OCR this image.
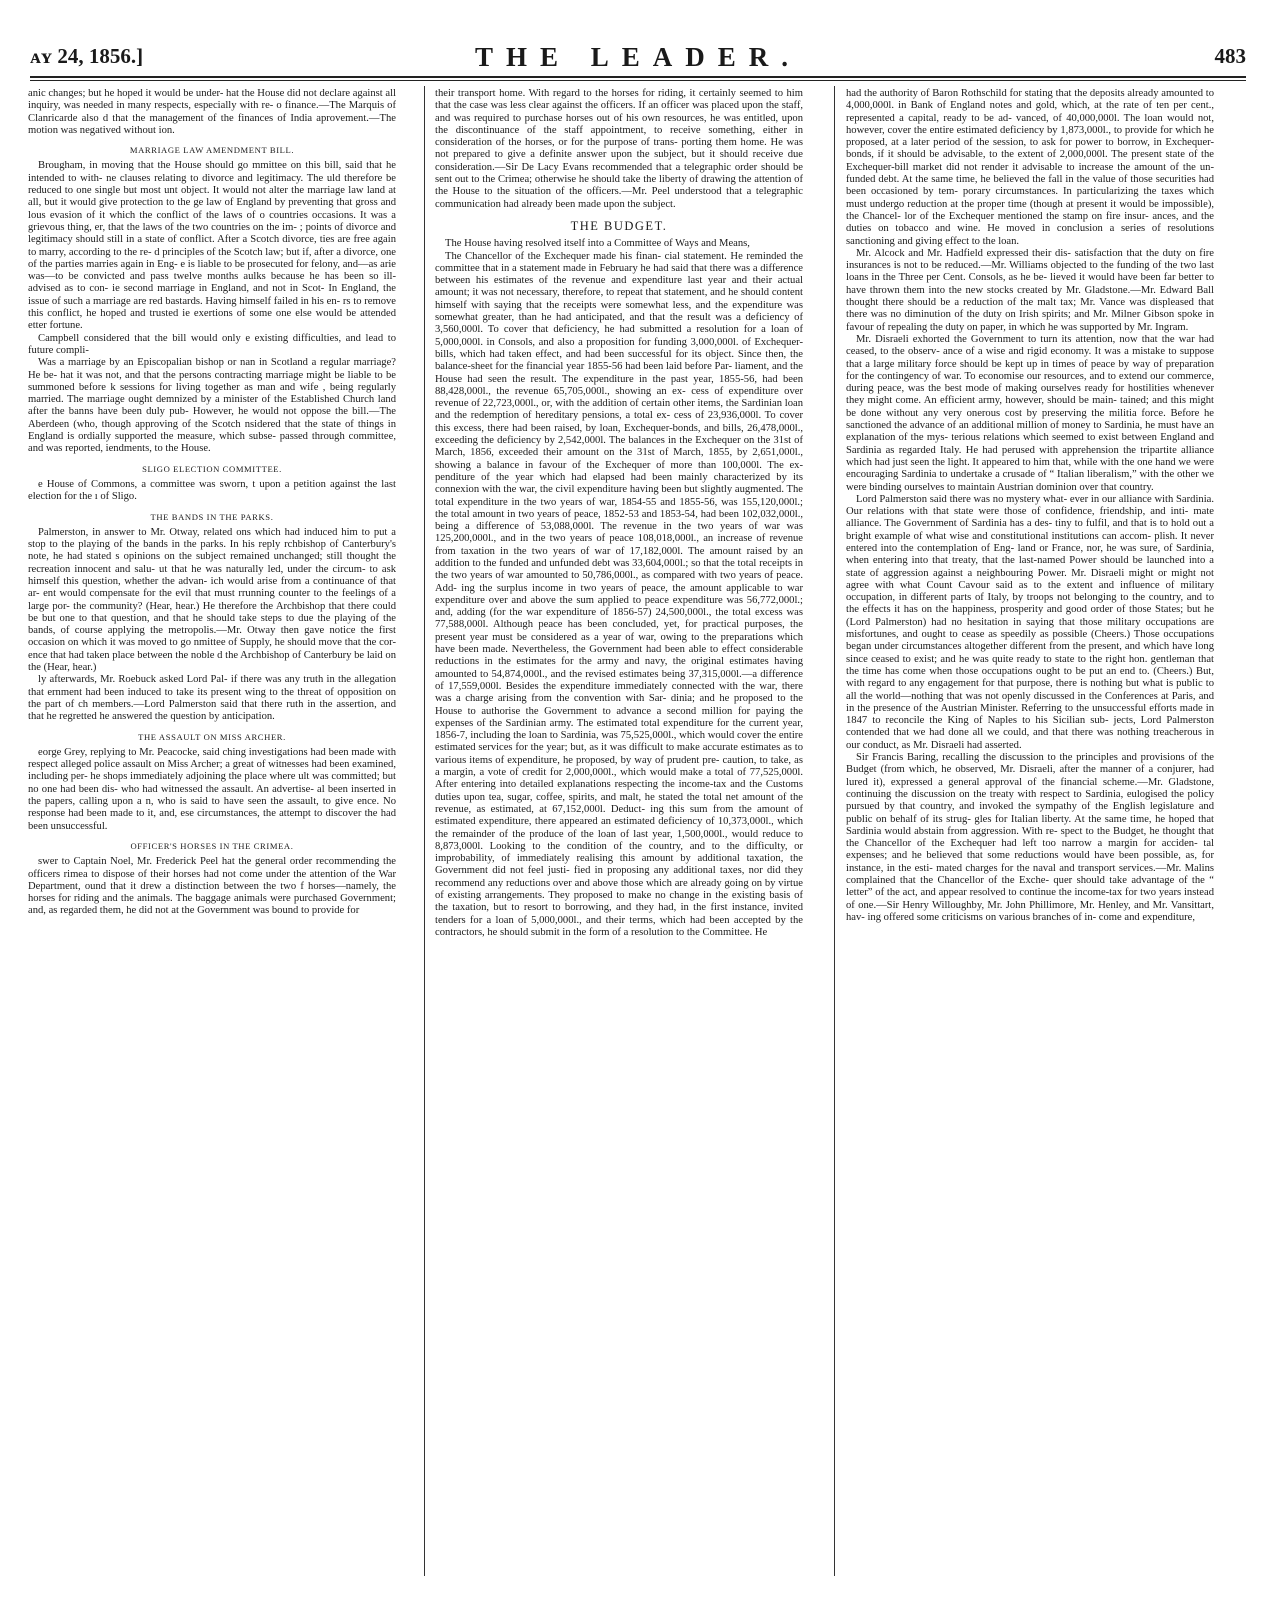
ᴀʏ 24, 1856.]	THE LEADER.	483

anic changes; but he hoped it would be under- hat the House did not declare against all inquiry, was needed in many respects, especially with re- o finance.—The Marquis of Clanricarde also d that the management of the finances of India aprovement.—The motion was negatived without ion.

MARRIAGE LAW AMENDMENT BILL.

Brougham, in moving that the House should go mmittee on this bill, said that he intended to with- ne clauses relating to divorce and legitimacy. The uld therefore be reduced to one single but most unt object. It would not alter the marriage law land at all, but it would give protection to the ge law of England by preventing that gross and lous evasion of it which the conflict of the laws of o countries occasions. It was a grievous thing, er, that the laws of the two countries on the im- ; points of divorce and legitimacy should still in a state of conflict. After a Scotch divorce, ties are free again to marry, according to the re- d principles of the Scotch law; but if, after a divorce, one of the parties marries again in Eng- e is liable to be prosecuted for felony, and—as arie was—to be convicted and pass twelve months aulks because he has been so ill-advised as to con- ie second marriage in England, and not in Scot- In England, the issue of such a marriage are red bastards. Having himself failed in his en- rs to remove this conflict, he hoped and trusted ie exertions of some one else would be attended etter fortune.

Campbell considered that the bill would only e existing difficulties, and lead to future compli-

Was a marriage by an Episcopalian bishop or nan in Scotland a regular marriage? He be- hat it was not, and that the persons contracting marriage might be liable to be summoned before k sessions for living together as man and wife , being regularly married. The marriage ought demnized by a minister of the Established Church land after the banns have been duly pub- However, he would not oppose the bill.—The Aberdeen (who, though approving of the Scotch nsidered that the state of things in England is ordially supported the measure, which subse- passed through committee, and was reported, iendments, to the House.

SLIGO ELECTION COMMITTEE.

e House of Commons, a committee was sworn, t upon a petition against the last election for the ı of Sligo.

THE BANDS IN THE PARKS.

Palmerston, in answer to Mr. Otway, related ons which had induced him to put a stop to the playing of the bands in the parks. In his reply rchbishop of Canterbury's note, he had stated s opinions on the subject remained unchanged; still thought the recreation innocent and salu- ut that he was naturally led, under the circum- to ask himself this question, whether the advan- ich would arise from a continuance of that ar- ent would compensate for the evil that must rrunning counter to the feelings of a large por- the community? (Hear, hear.) He therefore the Archbishop that there could be but one to that question, and that he should take steps to due the playing of the bands, of course applying the metropolis.—Mr. Otway then gave notice the first occasion on which it was moved to go nmittee of Supply, he should move that the cor- ence that had taken place between the noble d the Archbishop of Canterbury be laid on the (Hear, hear.)

ly afterwards, Mr. Roebuck asked Lord Pal- if there was any truth in the allegation that ernment had been induced to take its present wing to the threat of opposition on the part of ch members.—Lord Palmerston said that there ruth in the assertion, and that he regretted he answered the question by anticipation.

THE ASSAULT ON MISS ARCHER.

eorge Grey, replying to Mr. Peacocke, said ching investigations had been made with respect alleged police assault on Miss Archer; a great of witnesses had been examined, including per- he shops immediately adjoining the place where ult was committed; but no one had been dis- who had witnessed the assault. An advertise- al been inserted in the papers, calling upon a n, who is said to have seen the assault, to give ence. No response had been made to it, and, ese circumstances, the attempt to discover the had been unsuccessful.

OFFICER'S HORSES IN THE CRIMEA.

swer to Captain Noel, Mr. Frederick Peel hat the general order recommending the officers rimea to dispose of their horses had not come under the attention of the War Department, ound that it drew a distinction between the two f horses—namely, the horses for riding and the animals. The baggage animals were purchased Government; and, as regarded them, he did not at the Government was bound to provide for

their transport home. With regard to the horses for riding, it certainly seemed to him that the case was less clear against the officers. If an officer was placed upon the staff, and was required to purchase horses out of his own resources, he was entitled, upon the discontinuance of the staff appointment, to receive something, either in consideration of the horses, or for the purpose of trans- porting them home. He was not prepared to give a definite answer upon the subject, but it should receive due consideration.—Sir De Lacy Evans recommended that a telegraphic order should be sent out to the Crimea; otherwise he should take the liberty of drawing the attention of the House to the situation of the officers.—Mr. Peel understood that a telegraphic communication had already been made upon the subject.

THE BUDGET.

The House having resolved itself into a Committee of Ways and Means,

The Chancellor of the Exchequer made his finan- cial statement. He reminded the committee that in a statement made in February he had said that there was a difference between his estimates of the revenue and expenditure last year and their actual amount; it was not necessary, therefore, to repeat that statement, and he should content himself with saying that the receipts were somewhat less, and the expenditure was somewhat greater, than he had anticipated, and that the result was a deficiency of 3,560,000l. To cover that deficiency, he had submitted a resolution for a loan of 5,000,000l. in Consols, and also a proposition for funding 3,000,000l. of Exchequer-bills, which had taken effect, and had been successful for its object. Since then, the balance-sheet for the financial year 1855-56 had been laid before Par- liament, and the House had seen the result. The expenditure in the past year, 1855-56, had been 88,428,000l., the revenue 65,705,000l., showing an ex- cess of expenditure over revenue of 22,723,000l., or, with the addition of certain other items, the Sardinian loan and the redemption of hereditary pensions, a total ex- cess of 23,936,000l. To cover this excess, there had been raised, by loan, Exchequer-bonds, and bills, 26,478,000l., exceeding the deficiency by 2,542,000l. The balances in the Exchequer on the 31st of March, 1856, exceeded their amount on the 31st of March, 1855, by 2,651,000l., showing a balance in favour of the Exchequer of more than 100,000l. The ex- penditure of the year which had elapsed had been mainly characterized by its connexion with the war, the civil expenditure having been but slightly augmented. The total expenditure in the two years of war, 1854-55 and 1855-56, was 155,120,000l.; the total amount in two years of peace, 1852-53 and 1853-54, had been 102,032,000l., being a difference of 53,088,000l. The revenue in the two years of war was 125,200,000l., and in the two years of peace 108,018,000l., an increase of revenue from taxation in the two years of war of 17,182,000l. The amount raised by an addition to the funded and unfunded debt was 33,604,000l.; so that the total receipts in the two years of war amounted to 50,786,000l., as compared with two years of peace. Add- ing the surplus income in two years of peace, the amount applicable to war expenditure over and above the sum applied to peace expenditure was 56,772,000l.; and, adding (for the war expenditure of 1856-57) 24,500,000l., the total excess was 77,588,000l. Although peace has been concluded, yet, for practical purposes, the present year must be considered as a year of war, owing to the preparations which have been made. Nevertheless, the Government had been able to effect considerable reductions in the estimates for the army and navy, the original estimates having amounted to 54,874,000l., and the revised estimates being 37,315,000l.—a difference of 17,559,000l. Besides the expenditure immediately connected with the war, there was a charge arising from the convention with Sar- dinia; and he proposed to the House to authorise the Government to advance a second million for paying the expenses of the Sardinian army. The estimated total expenditure for the current year, 1856-7, including the loan to Sardinia, was 75,525,000l., which would cover the entire estimated services for the year; but, as it was difficult to make accurate estimates as to various items of expenditure, he proposed, by way of prudent pre- caution, to take, as a margin, a vote of credit for 2,000,000l., which would make a total of 77,525,000l. After entering into detailed explanations respecting the income-tax and the Customs duties upon tea, sugar, coffee, spirits, and malt, he stated the total net amount of the revenue, as estimated, at 67,152,000l. Deduct- ing this sum from the amount of estimated expenditure, there appeared an estimated deficiency of 10,373,000l., which the remainder of the produce of the loan of last year, 1,500,000l., would reduce to 8,873,000l. Looking to the condition of the country, and to the difficulty, or improbability, of immediately realising this amount by additional taxation, the Government did not feel justi- fied in proposing any additional taxes, nor did they recommend any reductions over and above those which are already going on by virtue of existing arrangements. They proposed to make no change in the existing basis of the taxation, but to resort to borrowing, and they had, in the first instance, invited tenders for a loan of 5,000,000l., and their terms, which had been accepted by the contractors, he should submit in the form of a resolution to the Committee. He

had the authority of Baron Rothschild for stating that the deposits already amounted to 4,000,000l. in Bank of England notes and gold, which, at the rate of ten per cent., represented a capital, ready to be ad- vanced, of 40,000,000l. The loan would not, however, cover the entire estimated deficiency by 1,873,000l., to provide for which he proposed, at a later period of the session, to ask for power to borrow, in Exchequer-bonds, if it should be advisable, to the extent of 2,000,000l. The present state of the Exchequer-bill market did not render it advisable to increase the amount of the un- funded debt. At the same time, he believed the fall in the value of those securities had been occasioned by tem- porary circumstances. In particularizing the taxes which must undergo reduction at the proper time (though at present it would be impossible), the Chancel- lor of the Exchequer mentioned the stamp on fire insur- ances, and the duties on tobacco and wine. He moved in conclusion a series of resolutions sanctioning and giving effect to the loan.

Mr. Alcock and Mr. Hadfield expressed their dis- satisfaction that the duty on fire insurances is not to be reduced.—Mr. Williams objected to the funding of the two last loans in the Three per Cent. Consols, as he be- lieved it would have been far better to have thrown them into the new stocks created by Mr. Gladstone.—Mr. Edward Ball thought there should be a reduction of the malt tax; Mr. Vance was displeased that there was no diminution of the duty on Irish spirits; and Mr. Milner Gibson spoke in favour of repealing the duty on paper, in which he was supported by Mr. Ingram.

Mr. Disraeli exhorted the Government to turn its attention, now that the war had ceased, to the observ- ance of a wise and rigid economy. It was a mistake to suppose that a large military force should be kept up in times of peace by way of preparation for the contingency of war. To economise our resources, and to extend our commerce, during peace, was the best mode of making ourselves ready for hostilities whenever they might come. An efficient army, however, should be main- tained; and this might be done without any very onerous cost by preserving the militia force. Before he sanctioned the advance of an additional million of money to Sardinia, he must have an explanation of the mys- terious relations which seemed to exist between England and Sardinia as regarded Italy. He had perused with apprehension the tripartite alliance which had just seen the light. It appeared to him that, while with the one hand we were encouraging Sardinia to undertake a crusade of “ Italian liberalism,” with the other we were binding ourselves to maintain Austrian dominion over that country.

Lord Palmerston said there was no mystery what- ever in our alliance with Sardinia. Our relations with that state were those of confidence, friendship, and inti- mate alliance. The Government of Sardinia has a des- tiny to fulfil, and that is to hold out a bright example of what wise and constitutional institutions can accom- plish. It never entered into the contemplation of Eng- land or France, nor, he was sure, of Sardinia, when entering into that treaty, that the last-named Power should be launched into a state of aggression against a neighbouring Power. Mr. Disraeli might or might not agree with what Count Cavour said as to the extent and influence of military occupation, in different parts of Italy, by troops not belonging to the country, and to the effects it has on the happiness, prosperity and good order of those States; but he (Lord Palmerston) had no hesitation in saying that those military occupations are misfortunes, and ought to cease as speedily as possible (Cheers.) Those occupations began under circumstances altogether different from the present, and which have long since ceased to exist; and he was quite ready to state to the right hon. gentleman that the time has come when those occupations ought to be put an end to. (Cheers.) But, with regard to any engagement for that purpose, there is nothing but what is public to all the world—nothing that was not openly discussed in the Conferences at Paris, and in the presence of the Austrian Minister. Referring to the unsuccessful efforts made in 1847 to reconcile the King of Naples to his Sicilian sub- jects, Lord Palmerston contended that we had done all we could, and that there was nothing treacherous in our conduct, as Mr. Disraeli had asserted.

Sir Francis Baring, recalling the discussion to the principles and provisions of the Budget (from which, he observed, Mr. Disraeli, after the manner of a conjurer, had lured it), expressed a general approval of the financial scheme.—Mr. Gladstone, continuing the discussion on the treaty with respect to Sardinia, eulogised the policy pursued by that country, and invoked the sympathy of the English legislature and public on behalf of its strug- gles for Italian liberty. At the same time, he hoped that Sardinia would abstain from aggression. With re- spect to the Budget, he thought that the Chancellor of the Exchequer had left too narrow a margin for acciden- tal expenses; and he believed that some reductions would have been possible, as, for instance, in the esti- mated charges for the naval and transport services.—Mr. Malins complained that the Chancellor of the Exche- quer should take advantage of the “ letter” of the act, and appear resolved to continue the income-tax for two years instead of one.—Sir Henry Willoughby, Mr. John Phillimore, Mr. Henley, and Mr. Vansittart, hav- ing offered some criticisms on various branches of in- come and expenditure,
